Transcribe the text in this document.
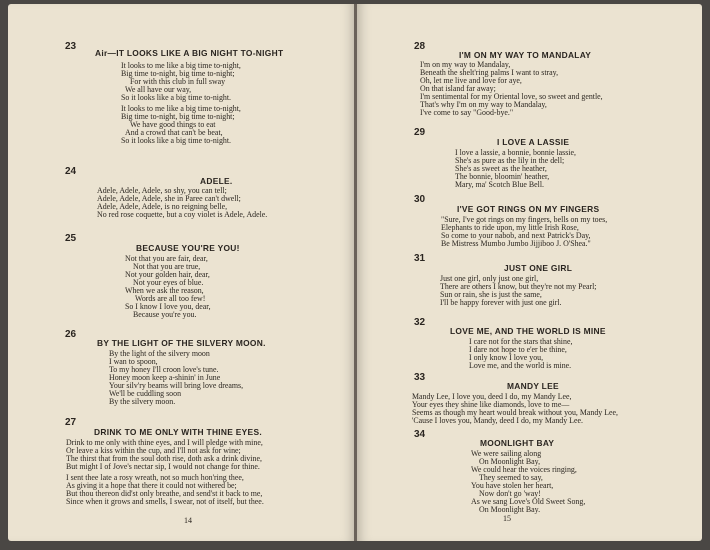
23
Air—IT LOOKS LIKE A BIG NIGHT TO-NIGHT
It looks to me like a big time to-night,
Big time to-night, big time to-night;
For with this club in full sway
We all have our way,
So it looks like a big time to-night.
It looks to me like a big time to-night,
Big time to-night, big time to-night;
We have good things to eat
And a crowd that can't be beat,
So it looks like a big time to-night.
24
ADELE.
Adele, Adele, Adele, so shy, you can tell;
Adele, Adele, Adele, she in Paree can't dwell;
Adele, Adele, Adele, is no reigning belle,
No red rose coquette, but a coy violet is Adele, Adele.
25
BECAUSE YOU'RE YOU!
Not that you are fair, dear,
Not that you are true,
Not your golden hair, dear,
Not your eyes of blue.
When we ask the reason,
Words are all too few!
So I know I love you, dear,
Because you're you.
26
BY THE LIGHT OF THE SILVERY MOON.
By the light of the silvery moon
I wan to spoon,
To my honey I'll croon love's tune.
Honey moon keep a-shinin' in June
Your silv'ry beams will bring love dreams,
We'll be cuddling soon
By the silvery moon.
27
DRINK TO ME ONLY WITH THINE EYES.
Drink to me only with thine eyes, and I will pledge with mine,
Or leave a kiss within the cup, and I'll not ask for wine;
The thirst that from the soul doth rise, doth ask a drink divine,
But might I of Jove's nectar sip, I would not change for thine.
I sent thee late a rosy wreath, not so much hon'ring thee,
As giving it a hope that there it could not withered be;
But thou thereon did'st only breathe, and send'st it back to me,
Since when it grows and smells, I swear, not of itself, but thee.
14
28
I'M ON MY WAY TO MANDALAY
I'm on my way to Mandalay,
Beneath the shelt'ring palms I want to stray,
Oh, let me live and love for aye,
On that island far away;
I'm sentimental for my Oriental love, so sweet and gentle,
That's why I'm on my way to Mandalay,
I've come to say "Good-bye."
29
I LOVE A LASSIE
I love a lassie, a bonnie, bonnie lassie,
She's as pure as the lily in the dell;
She's as sweet as the heather,
The bonnie, bloomin' heather,
Mary, ma' Scotch Blue Bell.
30
I'VE GOT RINGS ON MY FINGERS
"Sure, I've got rings on my fingers, bells on my toes,
Elephants to ride upon, my little Irish Rose,
So come to your nabob, and next Patrick's Day,
Be Mistress Mumbo Jumbo Jijjiboo J. O'Shea."
31
JUST ONE GIRL
Just one girl, only just one girl,
There are others I know, but they're not my Pearl;
Sun or rain, she is just the same,
I'll be happy forever with just one girl.
32
LOVE ME, AND THE WORLD IS MINE
I care not for the stars that shine,
I dare not hope to e'er be thine,
I only know I love you,
Love me, and the world is mine.
33
MANDY LEE
Mandy Lee, I love you, deed I do, my Mandy Lee,
Your eyes they shine like diamonds, love to me—
Seems as though my heart would break without you, Mandy Lee,
'Cause I loves you, Mandy, deed I do, my Mandy Lee.
34
MOONLIGHT BAY
We were sailing along
On Moonlight Bay,
We could hear the voices ringing,
They seemed to say,
You have stolen her heart,
Now don't go 'way!
As we sang Love's Old Sweet Song,
On Moonlight Bay.
15
